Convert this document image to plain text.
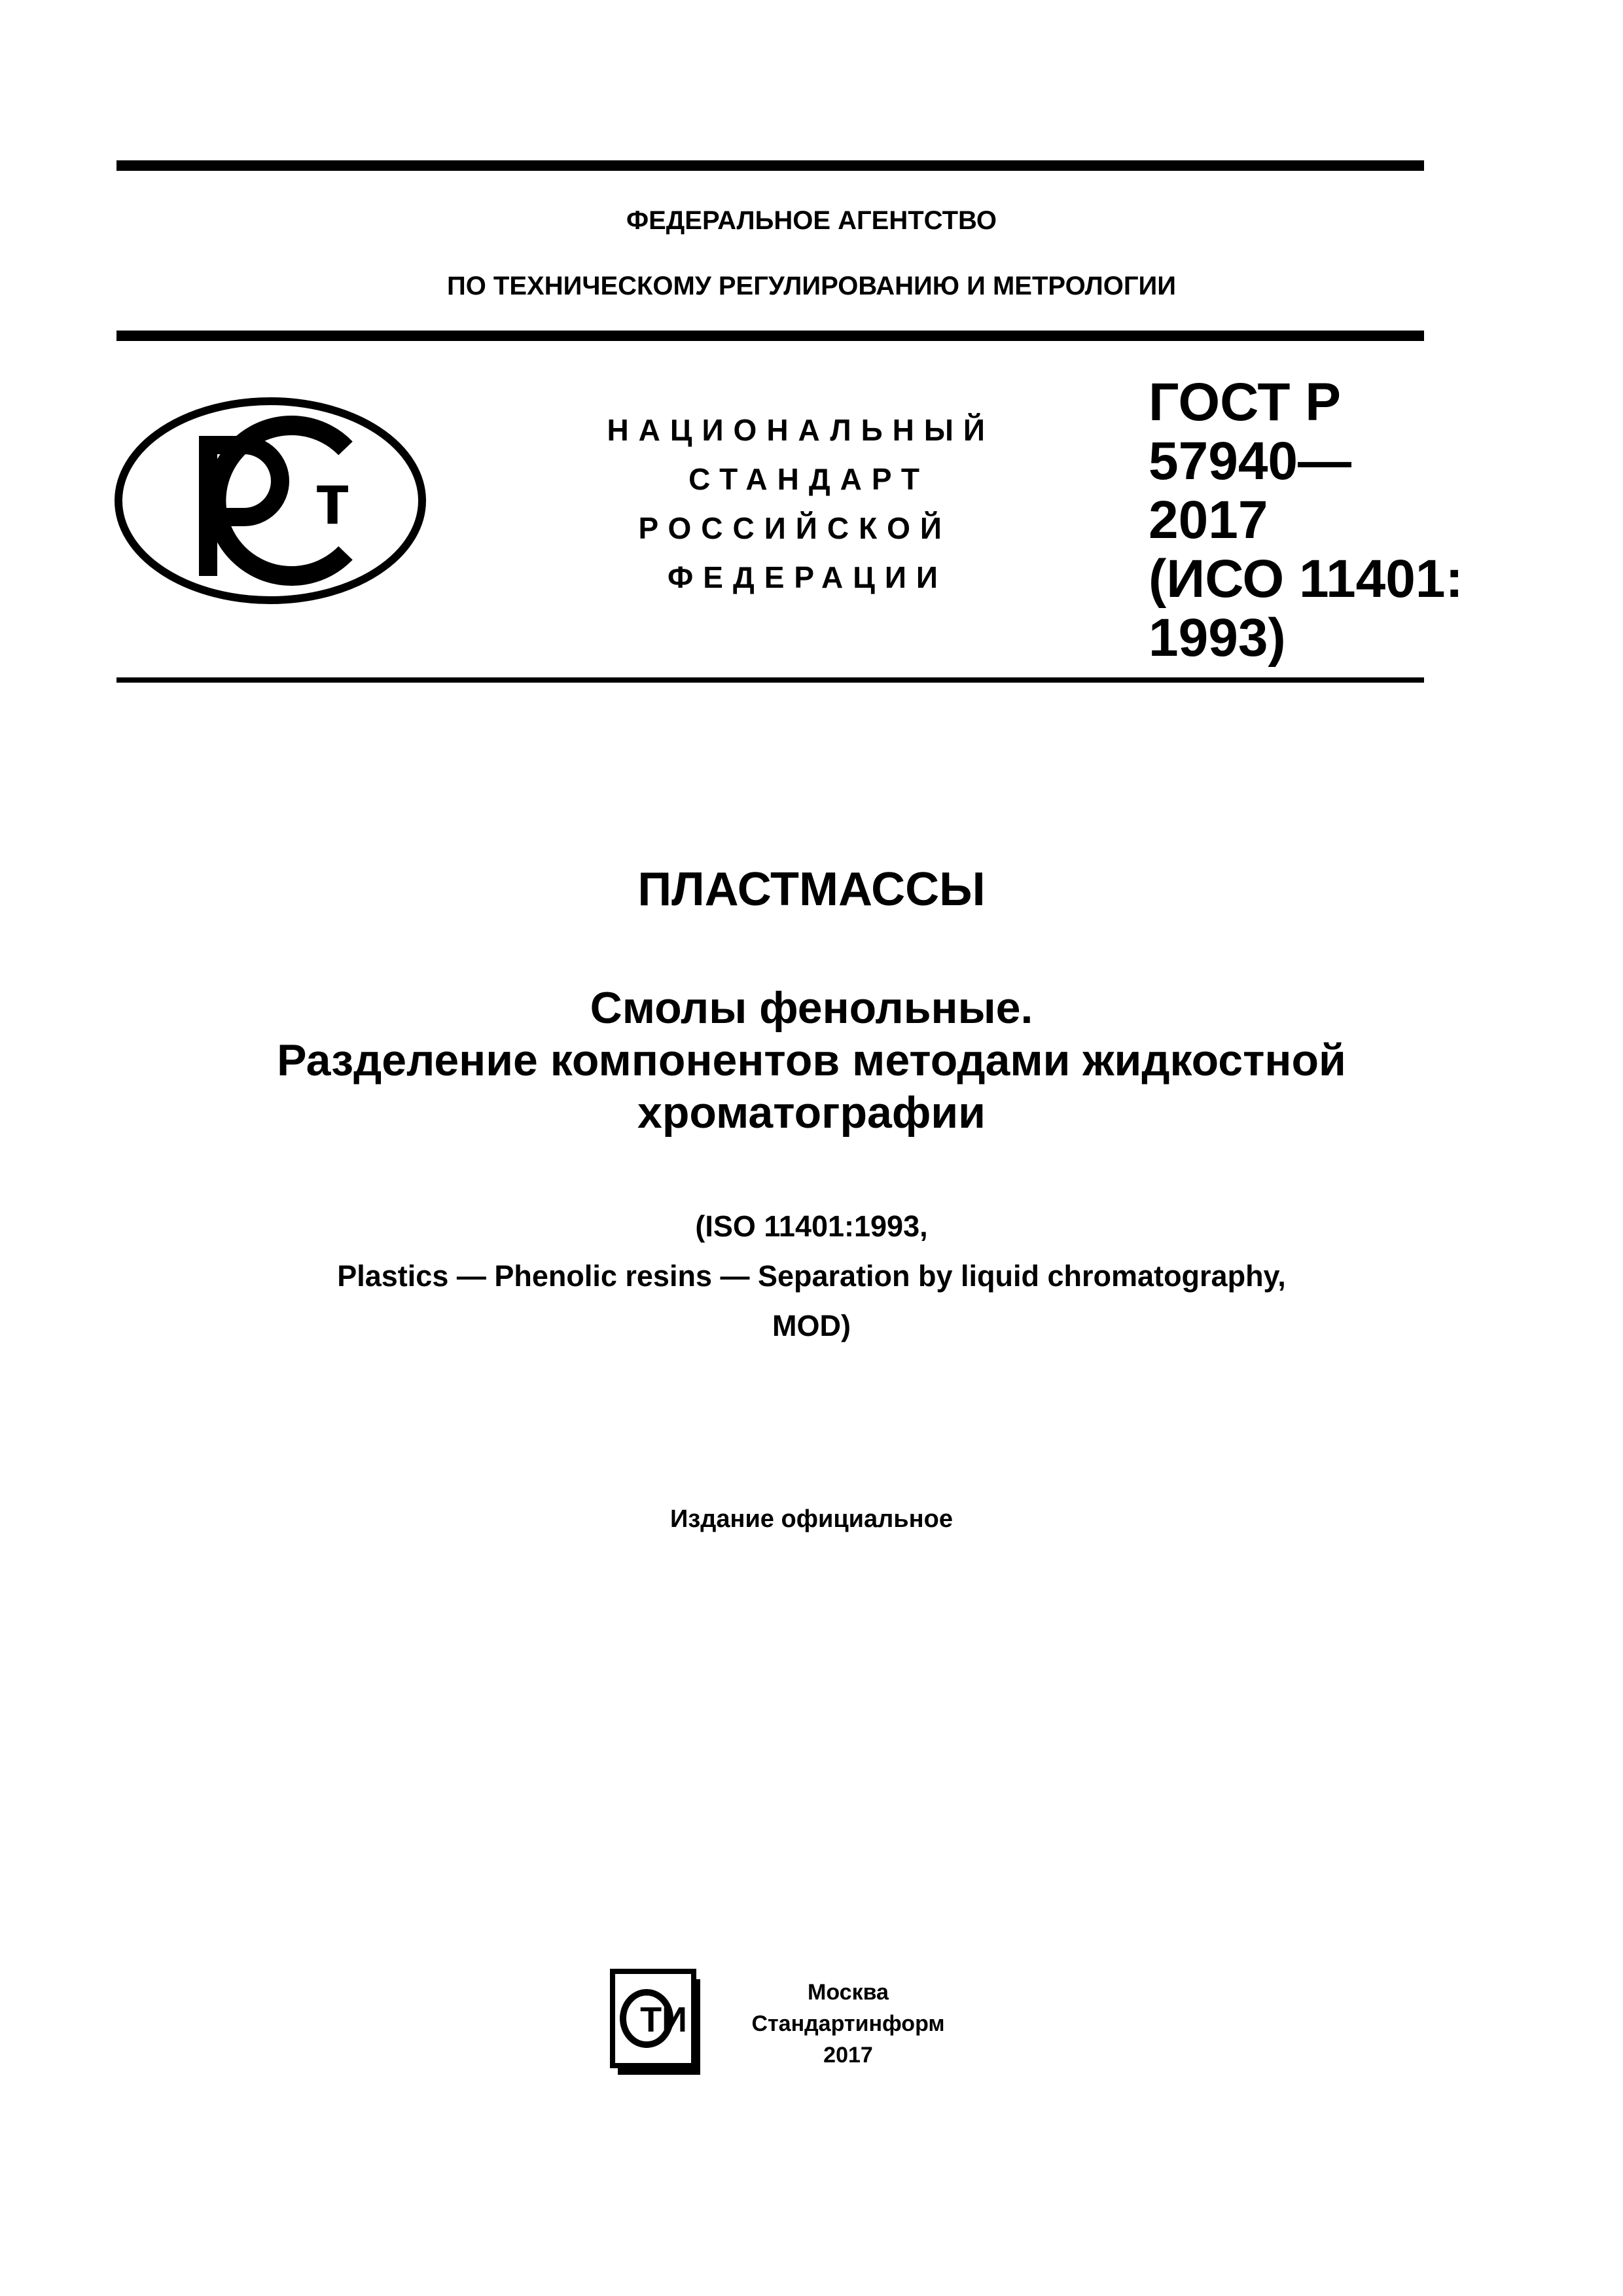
ФЕДЕРАЛЬНОЕ АГЕНТСТВО
ПО ТЕХНИЧЕСКОМУ РЕГУЛИРОВАНИЮ И МЕТРОЛОГИИ
т
НАЦИОНАЛЬНЫЙ
СТАНДАРТ
РОССИЙСКОЙ
ФЕДЕРАЦИИ
ГОСТ Р
57940—
2017
(ИСО 11401:
1993)
ПЛАСТМАССЫ
Смолы фенольные.
Разделение компонентов методами жидкостной
хроматографии
(ISO 11401:1993,
Plastics — Phenolic resins — Separation by liquid chromatography,
MOD)
Издание официальное
ТИ
Москва
Стандартинформ
2017
